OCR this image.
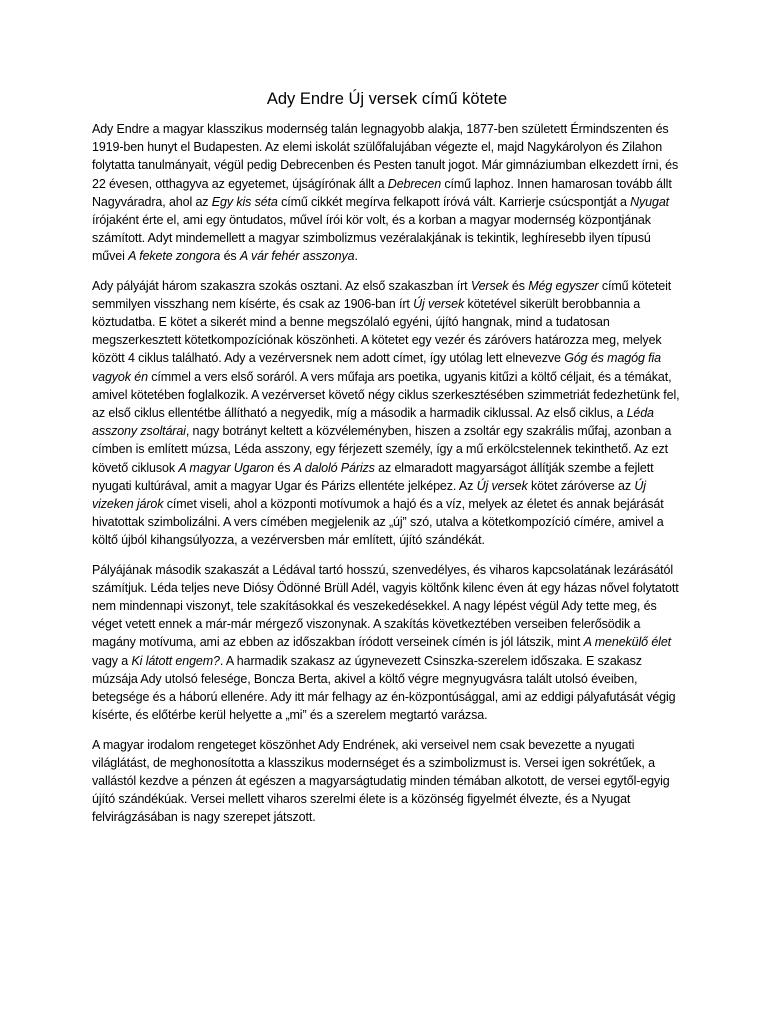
Ady Endre Új versek című kötete

Ady Endre a magyar klasszikus modernség talán legnagyobb alakja, 1877-ben született Érmindszenten és 1919-ben hunyt el Budapesten. Az elemi iskolát szülőfalujában végezte el, majd Nagykárolyon és Zilahon folytatta tanulmányait, végül pedig Debrecenben és Pesten tanult jogot. Már gimnáziumban elkezdett írni, és 22 évesen, otthagyva az egyetemet, újságírónak állt a Debrecen című laphoz. Innen hamarosan tovább állt Nagyváradra, ahol az Egy kis séta című cikkét megírva felkapott íróvá vált. Karrierje csúcspontját a Nyugat írójaként érte el, ami egy öntudatos, művel írói kör volt, és a korban a magyar modernség központjának számított. Adyt mindemellett a magyar szimbolizmus vezéralakjának is tekintik, leghíresebb ilyen típusú művei A fekete zongora és A vár fehér asszonya.

Ady pályáját három szakaszra szokás osztani. Az első szakaszban írt Versek és Még egyszer című köteteit semmilyen visszhang nem kísérte, és csak az 1906-ban írt Új versek kötetével sikerült berobbannia a köztudatba. E kötet a sikerét mind a benne megszólaló egyéni, újító hangnak, mind a tudatosan megszerkesztett kötetkompozíciónak köszönheti. A kötetet egy vezér és záróvers határozza meg, melyek között 4 ciklus található. Ady a vezérversnek nem adott címet, így utólag lett elnevezve Góg és magóg fia vagyok én címmel a vers első soráról. A vers műfaja ars poetika, ugyanis kitűzi a költő céljait, és a témákat, amivel kötetében foglalkozik. A vezérverset követő négy ciklus szerkesztésében szimmetriát fedezhetünk fel, az első ciklus ellentétbe állítható a negyedik, míg a második a harmadik ciklussal. Az első ciklus, a Léda asszony zsoltárai, nagy botrányt keltett a közvéleményben, hiszen a zsoltár egy szakrális műfaj, azonban a címben is említett múzsa, Léda asszony, egy férjezett személy, így a mű erkölcstelennek tekinthető. Az ezt követő ciklusok A magyar Ugaron és A daloló Párizs az elmaradott magyarságot állítják szembe a fejlett nyugati kultúrával, amit a magyar Ugar és Párizs ellentéte jelképez. Az Új versek kötet záróverse az Új vizeken járok címet viseli, ahol a központi motívumok a hajó és a víz, melyek az életet és annak bejárását hivatottak szimbolizálni. A vers címében megjelenik az „új” szó, utalva a kötetkompozíció címére, amivel a költő újból kihangsúlyozza, a vezérversben már említett, újító szándékát.

Pályájának második szakaszát a Lédával tartó hosszú, szenvedélyes, és viharos kapcsolatának lezárásától számítjuk. Léda teljes neve Diósy Ödönné Brüll Adél, vagyis költőnk kilenc éven át egy házas nővel folytatott nem mindennapi viszonyt, tele szakításokkal és veszekedésekkel. A nagy lépést végül Ady tette meg, és véget vetett ennek a már-már mérgező viszonynak. A szakítás következtében verseiben felerősödik a magány motívuma, ami az ebben az időszakban íródott verseinek címén is jól látszik, mint A menekülő élet vagy a Ki látott engem?. A harmadik szakasz az úgynevezett Csinszka-szerelem időszaka. E szakasz múzsája Ady utolsó felesége, Boncza Berta, akivel a költő végre megnyugvásra talált utolsó éveiben, betegsége és a háború ellenére. Ady itt már felhagy az én-központúsággal, ami az eddigi pályafutását végig kísérte, és előtérbe kerül helyette a „mi” és a szerelem megtartó varázsa.

A magyar irodalom rengeteget köszönhet Ady Endrének, aki verseivel nem csak bevezette a nyugati világlátást, de meghonosította a klasszikus modernséget és a szimbolizmust is. Versei igen sokrétűek, a vallástól kezdve a pénzen át egészen a magyarságtudatig minden témában alkotott, de versei egytől-egyig újító szándékúak. Versei mellett viharos szerelmi élete is a közönség figyelmét élvezte, és a Nyugat felvirágzásában is nagy szerepet játszott.
